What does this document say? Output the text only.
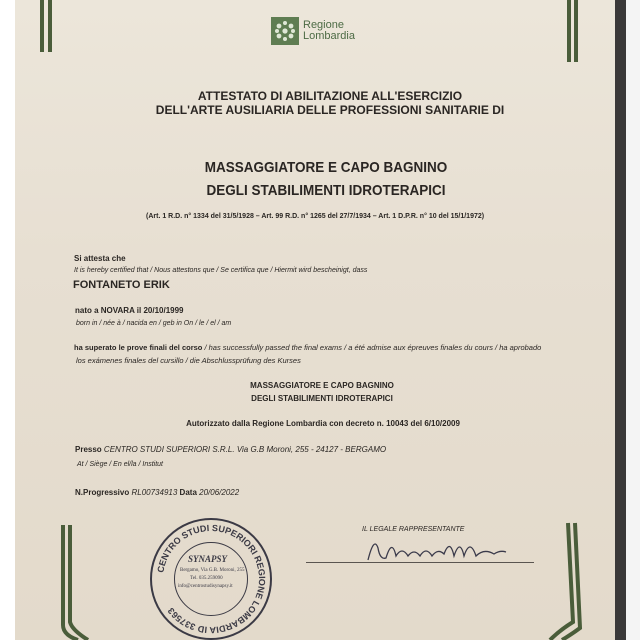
Regione
Lombardia
ATTESTATO DI ABILITAZIONE ALL'ESERCIZIO
DELL'ARTE AUSILIARIA DELLE PROFESSIONI SANITARIE DI
MASSAGGIATORE E CAPO BAGNINO
DEGLI STABILIMENTI IDROTERAPICI
(Art. 1 R.D. n° 1334 del 31/5/1928 – Art. 99 R.D. n° 1265 del 27/7/1934 – Art. 1 D.P.R. n° 10 del 15/1/1972)
Si attesta che
It is hereby certified that / Nous attestons que / Se certifica que / Hiermit wird bescheinigt, dass
FONTANETO ERIK
nato a NOVARA il 20/10/1999
born in / née à / nacida en / geb in On / le / el / am
ha superato le prove finali del corso / has successfully passed the final exams / a été admise aux épreuves finales du cours / ha aprobado
los exámenes finales del cursillo / die Abschlussprüfung des Kurses
MASSAGGIATORE E CAPO BAGNINO
DEGLI STABILIMENTI IDROTERAPICI
Autorizzato dalla Regione Lombardia con decreto n. 10043 del 6/10/2009
Presso CENTRO STUDI SUPERIORI S.R.L. Via G.B Moroni, 255 - 24127 - BERGAMO
At / Siège / En el/la / Institut
N.Progressivo RL00734913 Data 20/06/2022
CENTRO STUDI SUPERIORI REGIONE LOMBARDIA ID 337563
SYNAPSY
Bergamo, Via G.B. Moroni, 255
Tel. 035.259090
info@centrostudisynapsy.it
IL LEGALE RAPPRESENTANTE
